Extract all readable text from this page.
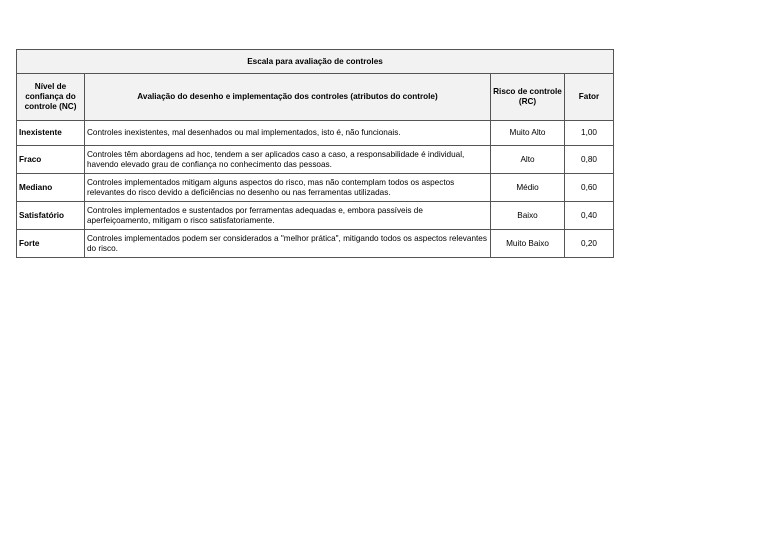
Escala para avaliação de controles			
Nível de confiança do controle (NC)	Avaliação do desenho e implementação dos controles (atributos do controle)	Risco de controle (RC)	Fator
Inexistente	Controles inexistentes, mal desenhados ou mal implementados, isto é, não funcionais.	Muito Alto	1,00
Fraco	Controles têm abordagens ad hoc, tendem a ser aplicados caso a caso, a responsabilidade é individual, havendo elevado grau de confiança no conhecimento das pessoas.	Alto	0,80
Mediano	Controles implementados mitigam alguns aspectos do risco, mas não contemplam todos os aspectos relevantes do risco devido a deficiências no desenho ou nas ferramentas utilizadas.	Médio	0,60
Satisfatório	Controles implementados e sustentados por ferramentas adequadas e, embora passíveis de aperfeiçoamento, mitigam o risco satisfatoriamente.	Baixo	0,40
Forte	Controles implementados podem ser considerados a "melhor prática", mitigando todos os aspectos relevantes do risco.	Muito Baixo	0,20
